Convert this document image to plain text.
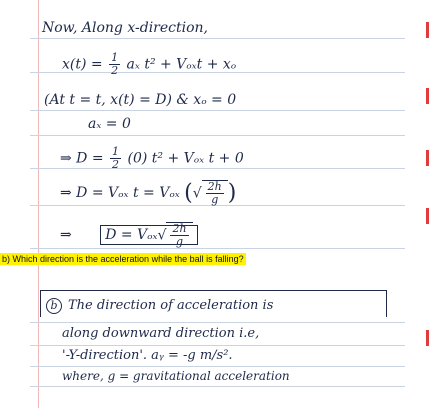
Now, Along x-direction,
$x(t) = \frac{1}{2}$ aₓ t² + Vₒₓt + xₒ
(At t = t, x(t) = D) & xₒ = 0
aₓ = 0
⇒ $D = \frac{1}{2} (0) t^2 + V_{ox}$ t + 0
⇒ D = Vₒₓ t = Vₒₓ (√ $\frac{2h}{g}$ )
⇒ $D = V_{ox}√ \frac{2h}{g}$
b) Which direction is the acceleration while the ball is falling?
b The direction of acceleration is
along downward direction i.e,
'-Y-direction'. aᵧ = -g m/s².
where, g = gravitational acceleration
